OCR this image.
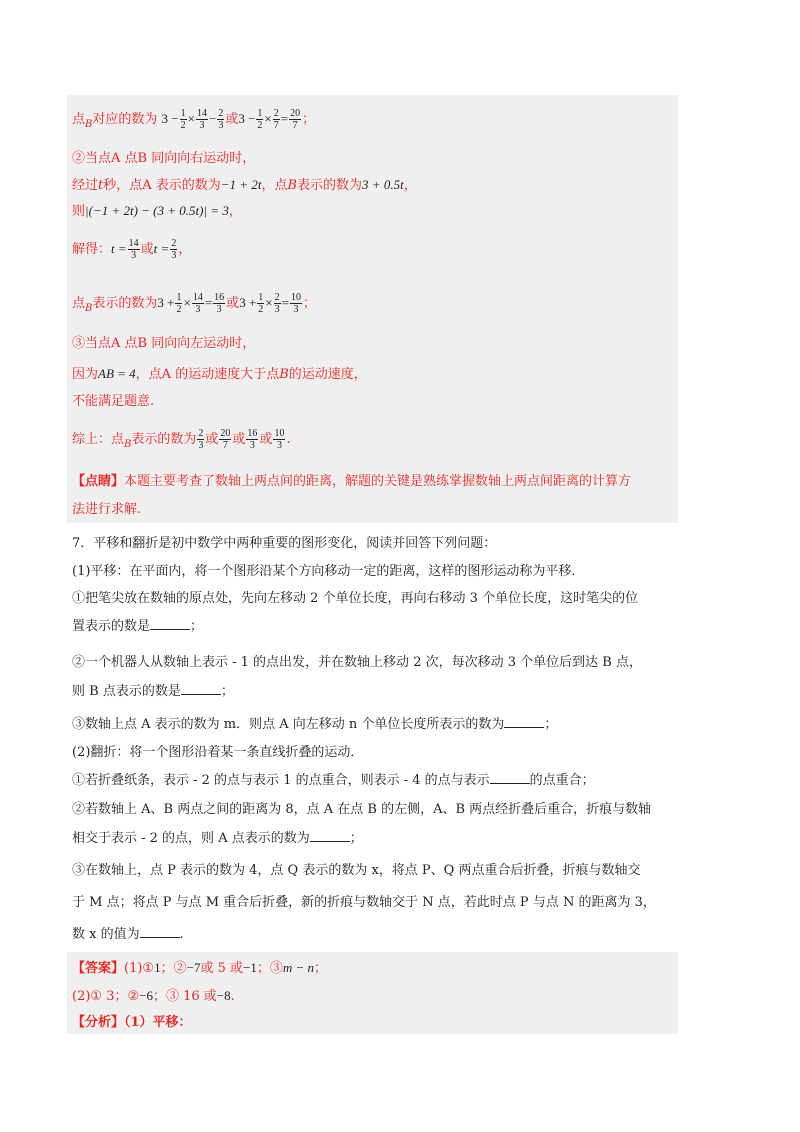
点$_B$对应的数为 $3 - \frac{1}{2} \times \frac{14}{3} - \frac{2}{3}$ 或$3 - \frac{1}{2} \times \frac{2}{7} = \frac{20}{7}$ ；
②当点A 点B 同向向右运动时，
经过t秒，点A 表示的数为−1 + 2t，点B表示的数为3 + 0.5t，
则|(−1 + 2t) − (3 + 0.5t)| = 3，
解得：$t = \frac{14}{3}$ 或$t = \frac{2}{3}$ ，
点$_B$表示的数为$3 + \frac{1}{2} \times \frac{14}{3} = \frac{16}{3}$ 或$3 + \frac{1}{2} \times \frac{2}{3} = \frac{10}{3}$ ；
③当点A 点B 同向向左运动时，
因为AB = 4，点A 的运动速度大于点B的运动速度，
不能满足题意.
综上：点$_B$表示的数为 $\frac{2}{3}$ 或 $\frac{20}{7}$ 或 $\frac{16}{3}$ 或 $\frac{10}{3}$ .
【点睛】本题主要考查了数轴上两点间的距离，解题的关键是熟练掌握数轴上两点间距离的计算方
法进行求解.
7．平移和翻折是初中数学中两种重要的图形变化，阅读并回答下列问题：
(1)平移：在平面内，将一个图形沿某个方向移动一定的距离，这样的图形运动称为平移．
①把笔尖放在数轴的原点处，先向左移动 2 个单位长度，再向右移动 3 个单位长度，这时笔尖的位
置表示的数是	；
②一个机器人从数轴上表示 - 1 的点出发，并在数轴上移动 2 次，每次移动 3 个单位后到达 B 点，
则 B 点表示的数是	；
③数轴上点 A 表示的数为 m．则点 A 向左移动 n 个单位长度所表示的数为	；
(2)翻折：将一个图形沿着某一条直线折叠的运动．
①若折叠纸条，表示 - 2 的点与表示 1 的点重合，则表示 - 4 的点与表示	的点重合；
②若数轴上 A、B 两点之间的距离为 8，点 A 在点 B 的左侧，A、B 两点经折叠后重合，折痕与数轴
相交于表示 - 2 的点，则 A 点表示的数为	；
③在数轴上，点 P 表示的数为 4，点 Q 表示的数为 x，将点 P、Q 两点重合后折叠，折痕与数轴交
于 M 点；将点 P 与点 M 重合后折叠，新的折痕与数轴交于 N 点，若此时点 P 与点 N 的距离为 3，
数 x 的值为	.
【答案】(1)①1；②−7或 5 或−1；③m − n；
(2)① 3；②−6；③ 16 或−8.
【分析】（1）平移：
